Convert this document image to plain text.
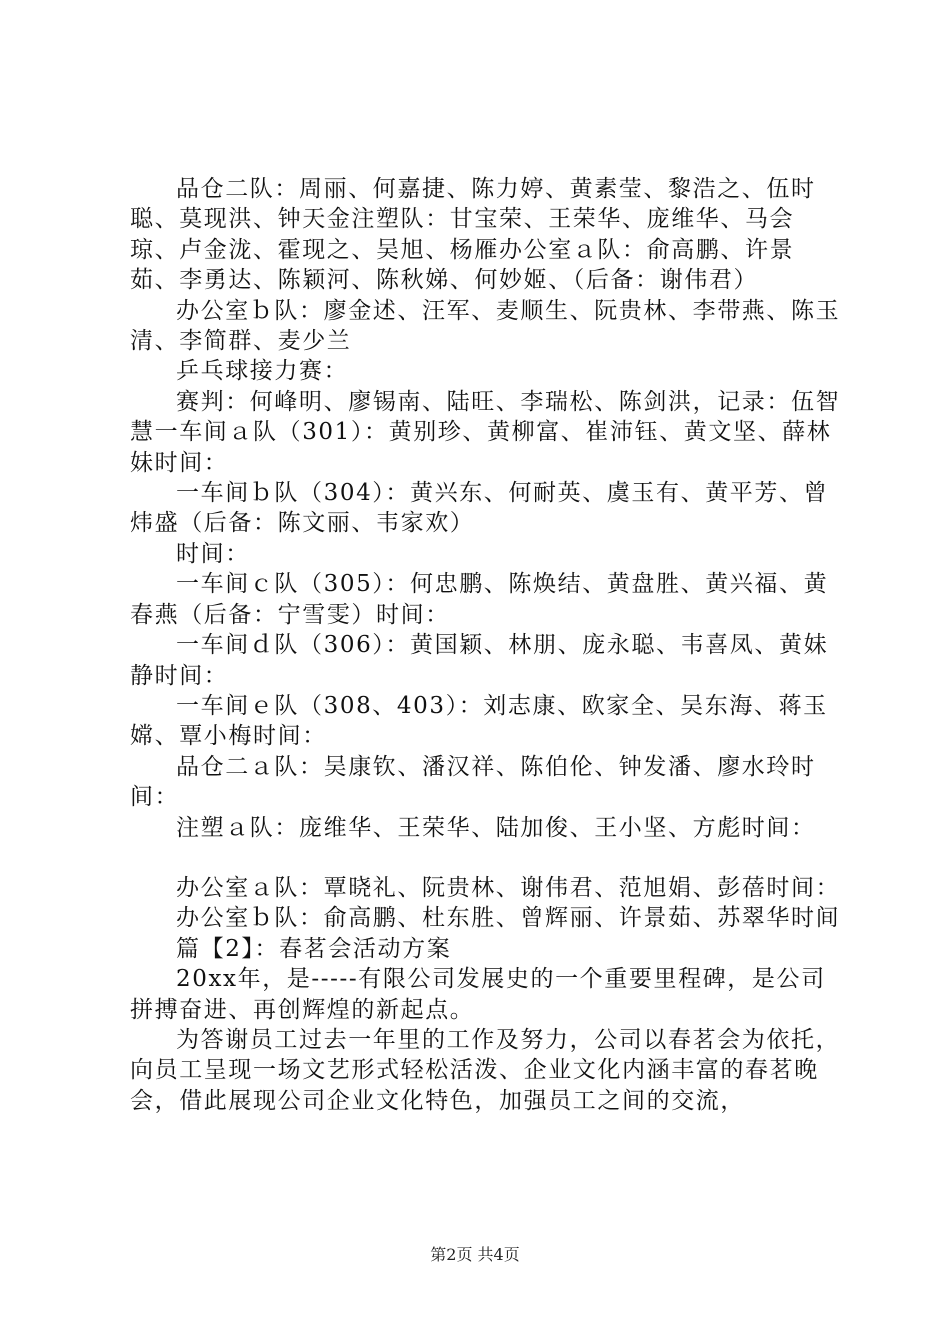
品仓二队：周丽、何嘉捷、陈力婷、黄素莹、黎浩之、伍时聪、莫现洪、钟天金注塑队：甘宝荣、王荣华、庞维华、马会琼、卢金泷、霍现之、吴旭、杨雁办公室ａ队：俞高鹏、许景茹、李勇达、陈颖河、陈秋娣、何妙姬、（后备：谢伟君）

办公室ｂ队：廖金述、汪军、麦顺生、阮贵林、李带燕、陈玉清、李简群、麦少兰

乒乓球接力赛：

赛判：何峰明、廖锡南、陆旺、李瑞松、陈剑洪，记录：伍智慧一车间ａ队（301）：黄别珍、黄柳富、崔沛钰、黄文坚、薛林妹时间：

一车间ｂ队（304）：黄兴东、何耐英、虞玉有、黄平芳、曾炜盛（后备：陈文丽、韦家欢）

时间：

一车间ｃ队（305）：何忠鹏、陈焕结、黄盘胜、黄兴福、黄春燕（后备：宁雪雯）时间：

一车间ｄ队（306）：黄国颖、林朋、庞永聪、韦喜凤、黄妹静时间：

一车间ｅ队（308、403）：刘志康、欧家全、吴东海、蒋玉嫦、覃小梅时间：

品仓二ａ队：吴康钦、潘汉祥、陈伯伦、钟发潘、廖水玲时间：

注塑ａ队：庞维华、王荣华、陆加俊、王小坚、方彪时间：

办公室ａ队：覃晓礼、阮贵林、谢伟君、范旭娟、彭蓓时间：

办公室ｂ队：俞高鹏、杜东胜、曾辉丽、许景茹、苏翠华时间

篇【2】：春茗会活动方案

20xx年，是-----有限公司发展史的一个重要里程碑，是公司拼搏奋进、再创辉煌的新起点。

为答谢员工过去一年里的工作及努力，公司以春茗会为依托，向员工呈现一场文艺形式轻松活泼、企业文化内涵丰富的春茗晚会，借此展现公司企业文化特色，加强员工之间的交流，

第2页 共4页
